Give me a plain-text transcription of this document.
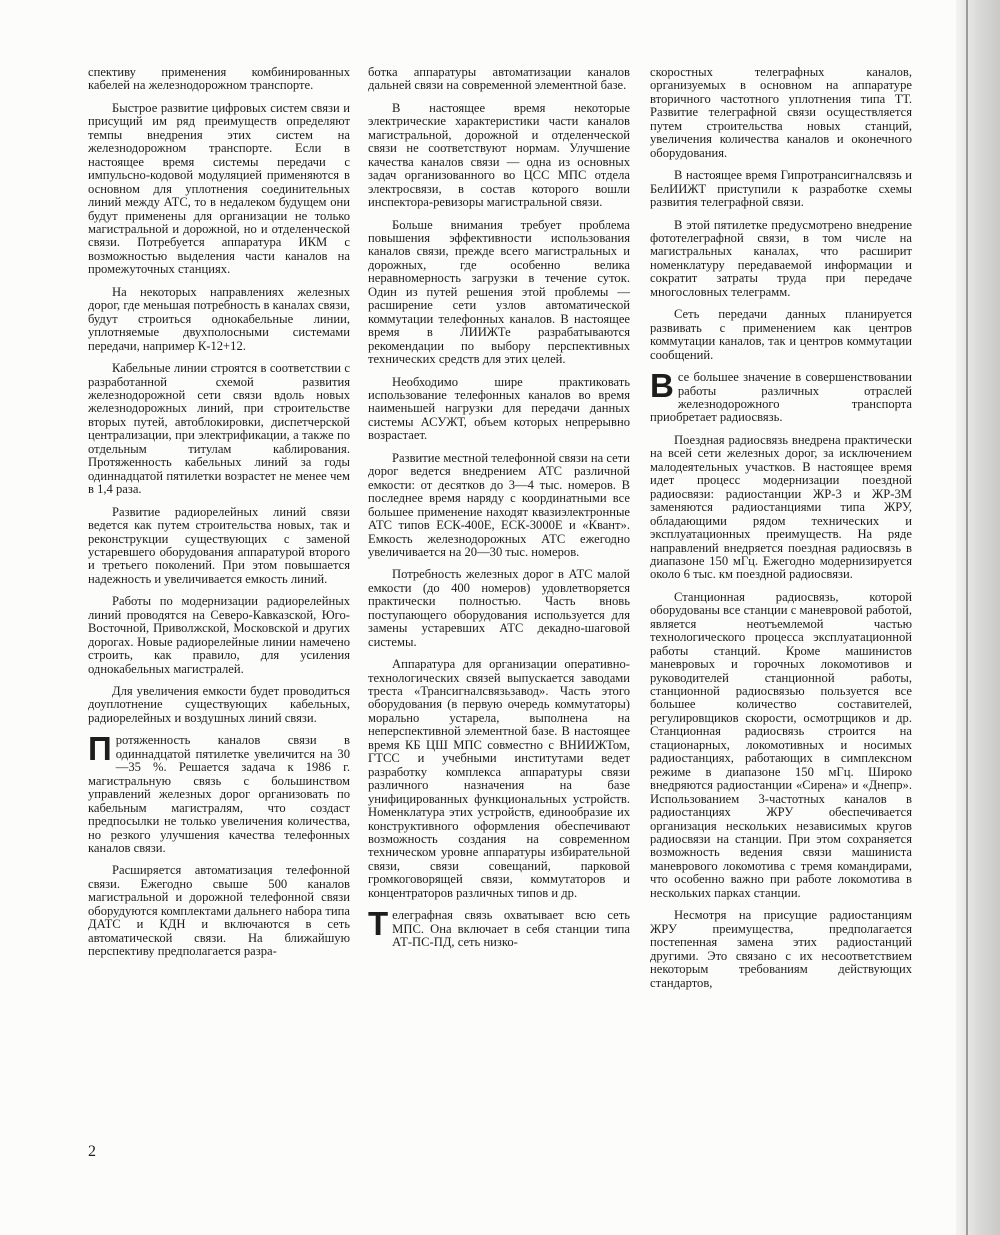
спективу применения комбинированных кабелей на железнодорожном транспорте.

Быстрое развитие цифровых систем связи и присущий им ряд преимуществ определяют темпы внедрения этих систем на железнодорожном транспорте. Если в настоящее время системы передачи с импульсно-кодовой модуляцией применяются в основном для уплотнения соединительных линий между АТС, то в недалеком будущем они будут применены для организации не только магистральной и дорожной, но и отделенческой связи. Потребуется аппаратура ИКМ с возможностью выделения части каналов на промежуточных станциях.

На некоторых направлениях железных дорог, где меньшая потребность в каналах связи, будут строиться однокабельные линии, уплотняемые двухполосными системами передачи, например К-12+12.

Кабельные линии строятся в соответствии с разработанной схемой развития железнодорожной сети связи вдоль новых железнодорожных линий, при строительстве вторых путей, автоблокировки, диспетчерской централизации, при электрификации, а также по отдельным титулам каблирования. Протяженность кабельных линий за годы одиннадцатой пятилетки возрастет не менее чем в 1,4 раза.

Развитие радиорелейных линий связи ведется как путем строительства новых, так и реконструкции существующих с заменой устаревшего оборудования аппаратурой второго и третьего поколений. При этом повышается надежность и увеличивается емкость линий.

Работы по модернизации радиорелейных линий проводятся на Северо-Кавказской, Юго-Восточной, Приволжской, Московской и других дорогах. Новые радиорелейные линии намечено строить, как правило, для усиления однокабельных магистралей.

Для увеличения емкости будет проводиться доуплотнение существующих кабельных, радиорелейных и воздушных линий связи.

Протяженность каналов связи в одиннадцатой пятилетке увеличится на 30—35 %. Решается задача к 1986 г. магистральную связь с большинством управлений железных дорог организовать по кабельным магистралям, что создаст предпосылки не только увеличения количества, но резкого улучшения качества телефонных каналов связи.

Расширяется автоматизация телефонной связи. Ежегодно свыше 500 каналов магистральной и дорожной телефонной связи оборудуются комплектами дальнего набора типа ДАТС и КДН и включаются в сеть автоматической связи. На ближайшую перспективу предполагается разра-

ботка аппаратуры автоматизации каналов дальней связи на современной элементной базе.

В настоящее время некоторые электрические характеристики части каналов магистральной, дорожной и отделенческой связи не соответствуют нормам. Улучшение качества каналов связи — одна из основных задач организованного во ЦСС МПС отдела электросвязи, в состав которого вошли инспектора-ревизоры магистральной связи.

Больше внимания требует проблема повышения эффективности использования каналов связи, прежде всего магистральных и дорожных, где особенно велика неравномерность загрузки в течение суток. Один из путей решения этой проблемы — расширение сети узлов автоматической коммутации телефонных каналов. В настоящее время в ЛИИЖТе разрабатываются рекомендации по выбору перспективных технических средств для этих целей.

Необходимо шире практиковать использование телефонных каналов во время наименьшей нагрузки для передачи данных системы АСУЖТ, объем которых непрерывно возрастает.

Развитие местной телефонной связи на сети дорог ведется внедрением АТС различной емкости: от десятков до 3—4 тыс. номеров. В последнее время наряду с координатными все большее применение находят квазиэлектронные АТС типов ЕСК-400Е, ЕСК-3000Е и «Квант». Емкость железнодорожных АТС ежегодно увеличивается на 20—30 тыс. номеров.

Потребность железных дорог в АТС малой емкости (до 400 номеров) удовлетворяется практически полностью. Часть вновь поступающего оборудования используется для замены устаревших АТС декадно-шаговой системы.

Аппаратура для организации оперативно-технологических связей выпускается заводами треста «Трансигналсвязьзавод». Часть этого оборудования (в первую очередь коммутаторы) морально устарела, выполнена на неперспективной элементной базе. В настоящее время КБ ЦШ МПС совместно с ВНИИЖТом, ГТСС и учебными институтами ведет разработку комплекса аппаратуры связи различного назначения на базе унифицированных функциональных устройств. Номенклатура этих устройств, единообразие их конструктивного оформления обеспечивают возможность создания на современном техническом уровне аппаратуры избирательной связи, связи совещаний, парковой громкоговорящей связи, коммутаторов и концентраторов различных типов и др.

Телеграфная связь охватывает всю сеть МПС. Она включает в себя станции типа АТ-ПС-ПД, сеть низко-

скоростных телеграфных каналов, организуемых в основном на аппаратуре вторичного частотного уплотнения типа ТТ. Развитие телеграфной связи осуществляется путем строительства новых станций, увеличения количества каналов и оконечного оборудования.

В настоящее время Гипротрансигналсвязь и БелИИЖТ приступили к разработке схемы развития телеграфной связи.

В этой пятилетке предусмотрено внедрение фототелеграфной связи, в том числе на магистральных каналах, что расширит номенклатуру передаваемой информации и сократит затраты труда при передаче многословных телеграмм.

Сеть передачи данных планируется развивать с применением как центров коммутации каналов, так и центров коммутации сообщений.

Все большее значение в совершенствовании работы различных отраслей железнодорожного транспорта приобретает радиосвязь.

Поездная радиосвязь внедрена практически на всей сети железных дорог, за исключением малодеятельных участков. В настоящее время идет процесс модернизации поездной радиосвязи: радиостанции ЖР-3 и ЖР-3М заменяются радиостанциями типа ЖРУ, обладающими рядом технических и эксплуатационных преимуществ. На ряде направлений внедряется поездная радиосвязь в диапазоне 150 мГц. Ежегодно модернизируется около 6 тыс. км поездной радиосвязи.

Станционная радиосвязь, которой оборудованы все станции с маневровой работой, является неотъемлемой частью технологического процесса эксплуатационной работы станций. Кроме машинистов маневровых и горочных локомотивов и руководителей станционной работы, станционной радиосвязью пользуется все большее количество составителей, регулировщиков скорости, осмотрщиков и др. Станционная радиосвязь строится на стационарных, локомотивных и носимых радиостанциях, работающих в симплексном режиме в диапазоне 150 мГц. Широко внедряются радиостанции «Сирена» и «Днепр». Использованием 3-частотных каналов в радиостанциях ЖРУ обеспечивается организация нескольких независимых кругов радиосвязи на станции. При этом сохраняется возможность ведения связи машиниста маневрового локомотива с тремя командирами, что особенно важно при работе локомотива в нескольких парках станции.

Несмотря на присущие радиостанциям ЖРУ преимущества, предполагается постепенная замена этих радиостанций другими. Это связано с их несоответствием некоторым требованиям действующих стандартов,

2
